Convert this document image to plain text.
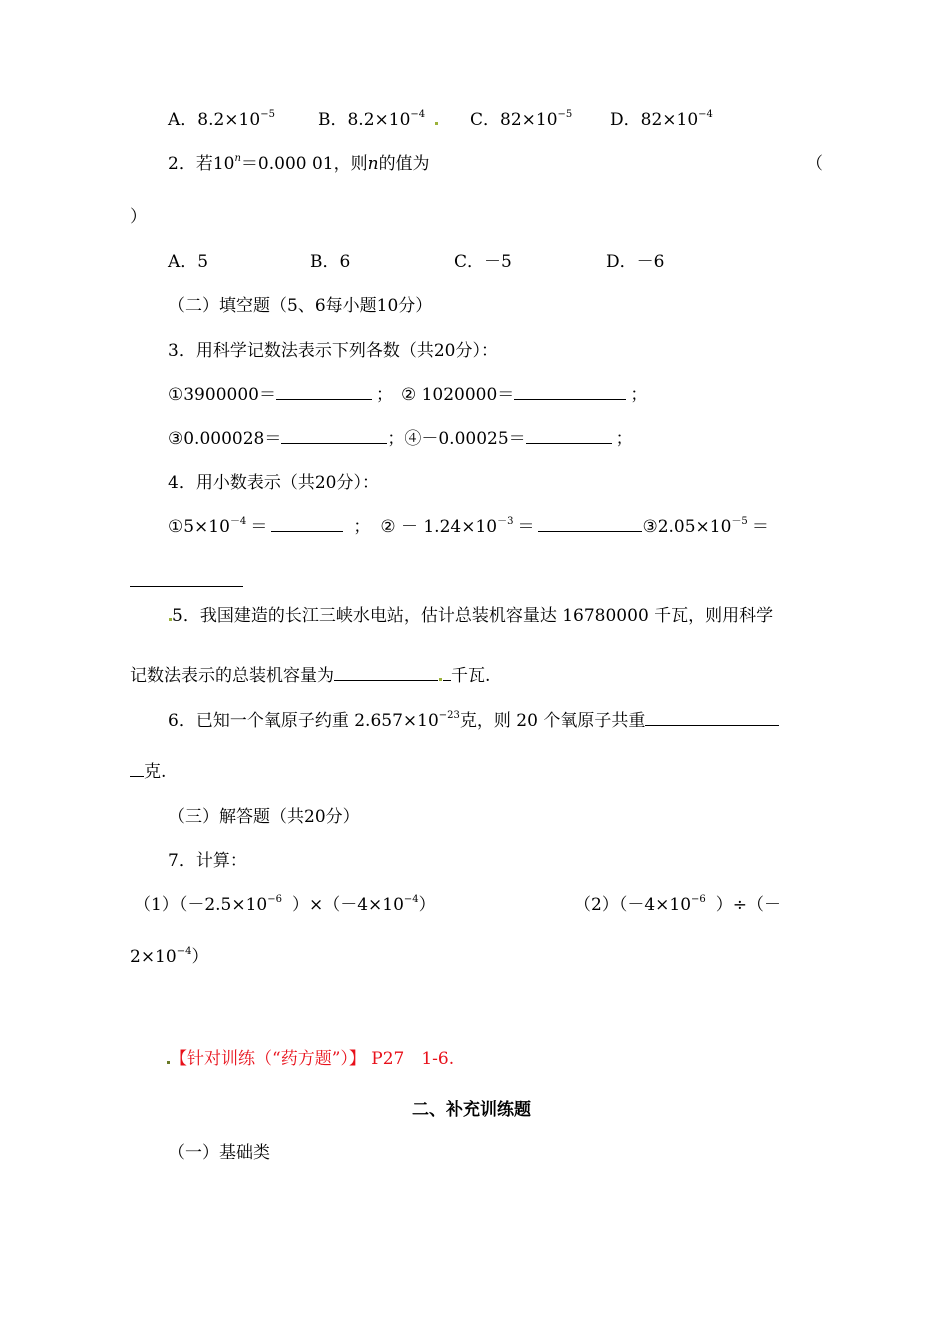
A．$8.2\times 10^{-5}$	B．$8.2\times 10^{-4}$	C．$82\times 10^{-5}$ D．$82\times 10^{-4}$
2．若$10^n=0.000$ 01，则n的值为	（
）
A．5	B．6	C．－5	D．－6
（二）填空题（5、6每小题10分）
3．用科学记数法表示下列各数（共20分）：
①3900000＝	； ② 1020000＝	；
③0.000028＝	；④－0.00025＝	；
4．用小数表示（共20分）：
$①5\times 10^{-4}$ ＝	； ② － $1.24\times 10^{-3}$ ＝	$③2.05\times 10^{-5}$ ＝
5．我国建造的长江三峡水电站，估计总装机容量达 16780000 千瓦，则用科学
记数法表示的总装机容量为	千瓦.
6．已知一个氧原子约重 $2.657\times 10^{-23}$克，则 20 个氧原子共重
克.
（三）解答题（共20分）
7．计算：
$(1)(-2.5\times 10^{-6}$ ）$\times(-4\times 10^{-4})$	$(2)(-4\times 10^{-6}$ ）÷（－
$2\times 10^{-4}$）
【针对训练（“药方题”）】 P27　1-6.
二、补充训练题
（一）基础类
